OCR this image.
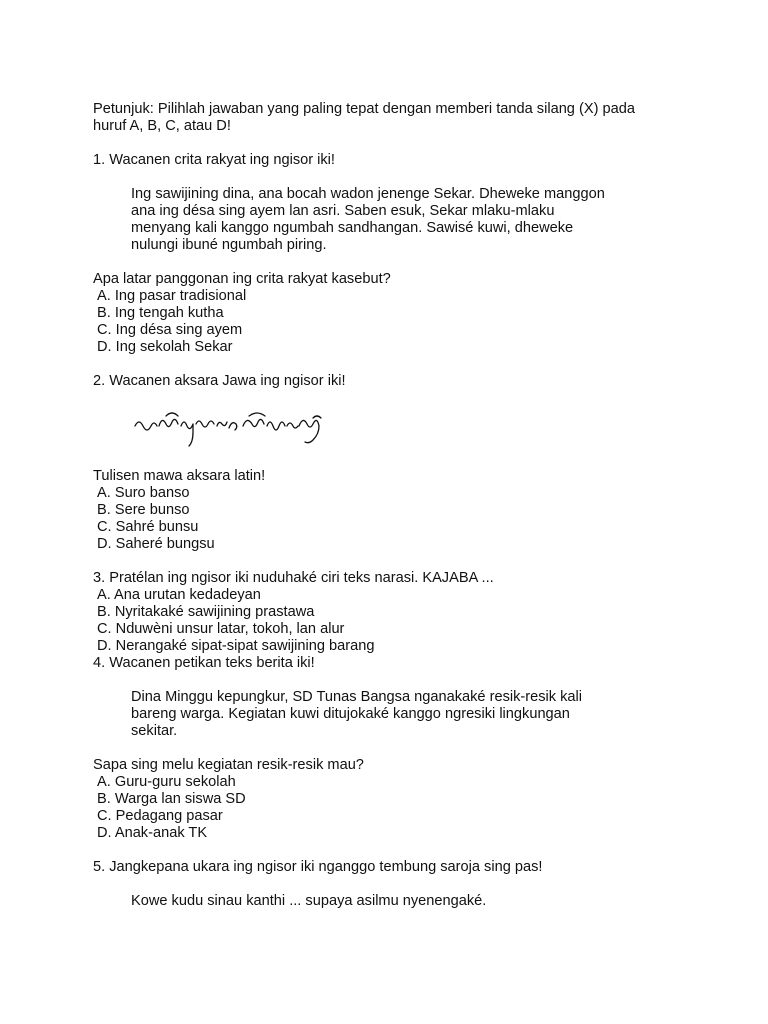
Petunjuk: Pilihlah jawaban yang paling tepat dengan memberi tanda silang (X) pada
huruf A, B, C, atau D!
1. Wacanen crita rakyat ing ngisor iki!
Ing sawijining dina, ana bocah wadon jenenge Sekar. Dheweke manggon
ana ing désa sing ayem lan asri. Saben esuk, Sekar mlaku-mlaku
menyang kali kanggo ngumbah sandhangan. Sawisé kuwi, dheweke
nulungi ibuné ngumbah piring.
Apa latar panggonan ing crita rakyat kasebut?
A. Ing pasar tradisional
B. Ing tengah kutha
C. Ing désa sing ayem
D. Ing sekolah Sekar
2. Wacanen aksara Jawa ing ngisor iki!
Tulisen mawa aksara latin!
A. Suro banso
B. Sere bunso
C. Sahré bunsu
D. Saheré bungsu
3. Pratélan ing ngisor iki nuduhaké ciri teks narasi. KAJABA ...
A. Ana urutan kedadeyan
B. Nyritakaké sawijining prastawa
C. Nduwèni unsur latar, tokoh, lan alur
D. Nerangaké sipat-sipat sawijining barang
4. Wacanen petikan teks berita iki!
Dina Minggu kepungkur, SD Tunas Bangsa nganakaké resik-resik kali
bareng warga. Kegiatan kuwi ditujokaké kanggo ngresiki lingkungan
sekitar.
Sapa sing melu kegiatan resik-resik mau?
A. Guru-guru sekolah
B. Warga lan siswa SD
C. Pedagang pasar
D. Anak-anak TK
5. Jangkepana ukara ing ngisor iki nganggo tembung saroja sing pas!
Kowe kudu sinau kanthi ... supaya asilmu nyenengaké.
